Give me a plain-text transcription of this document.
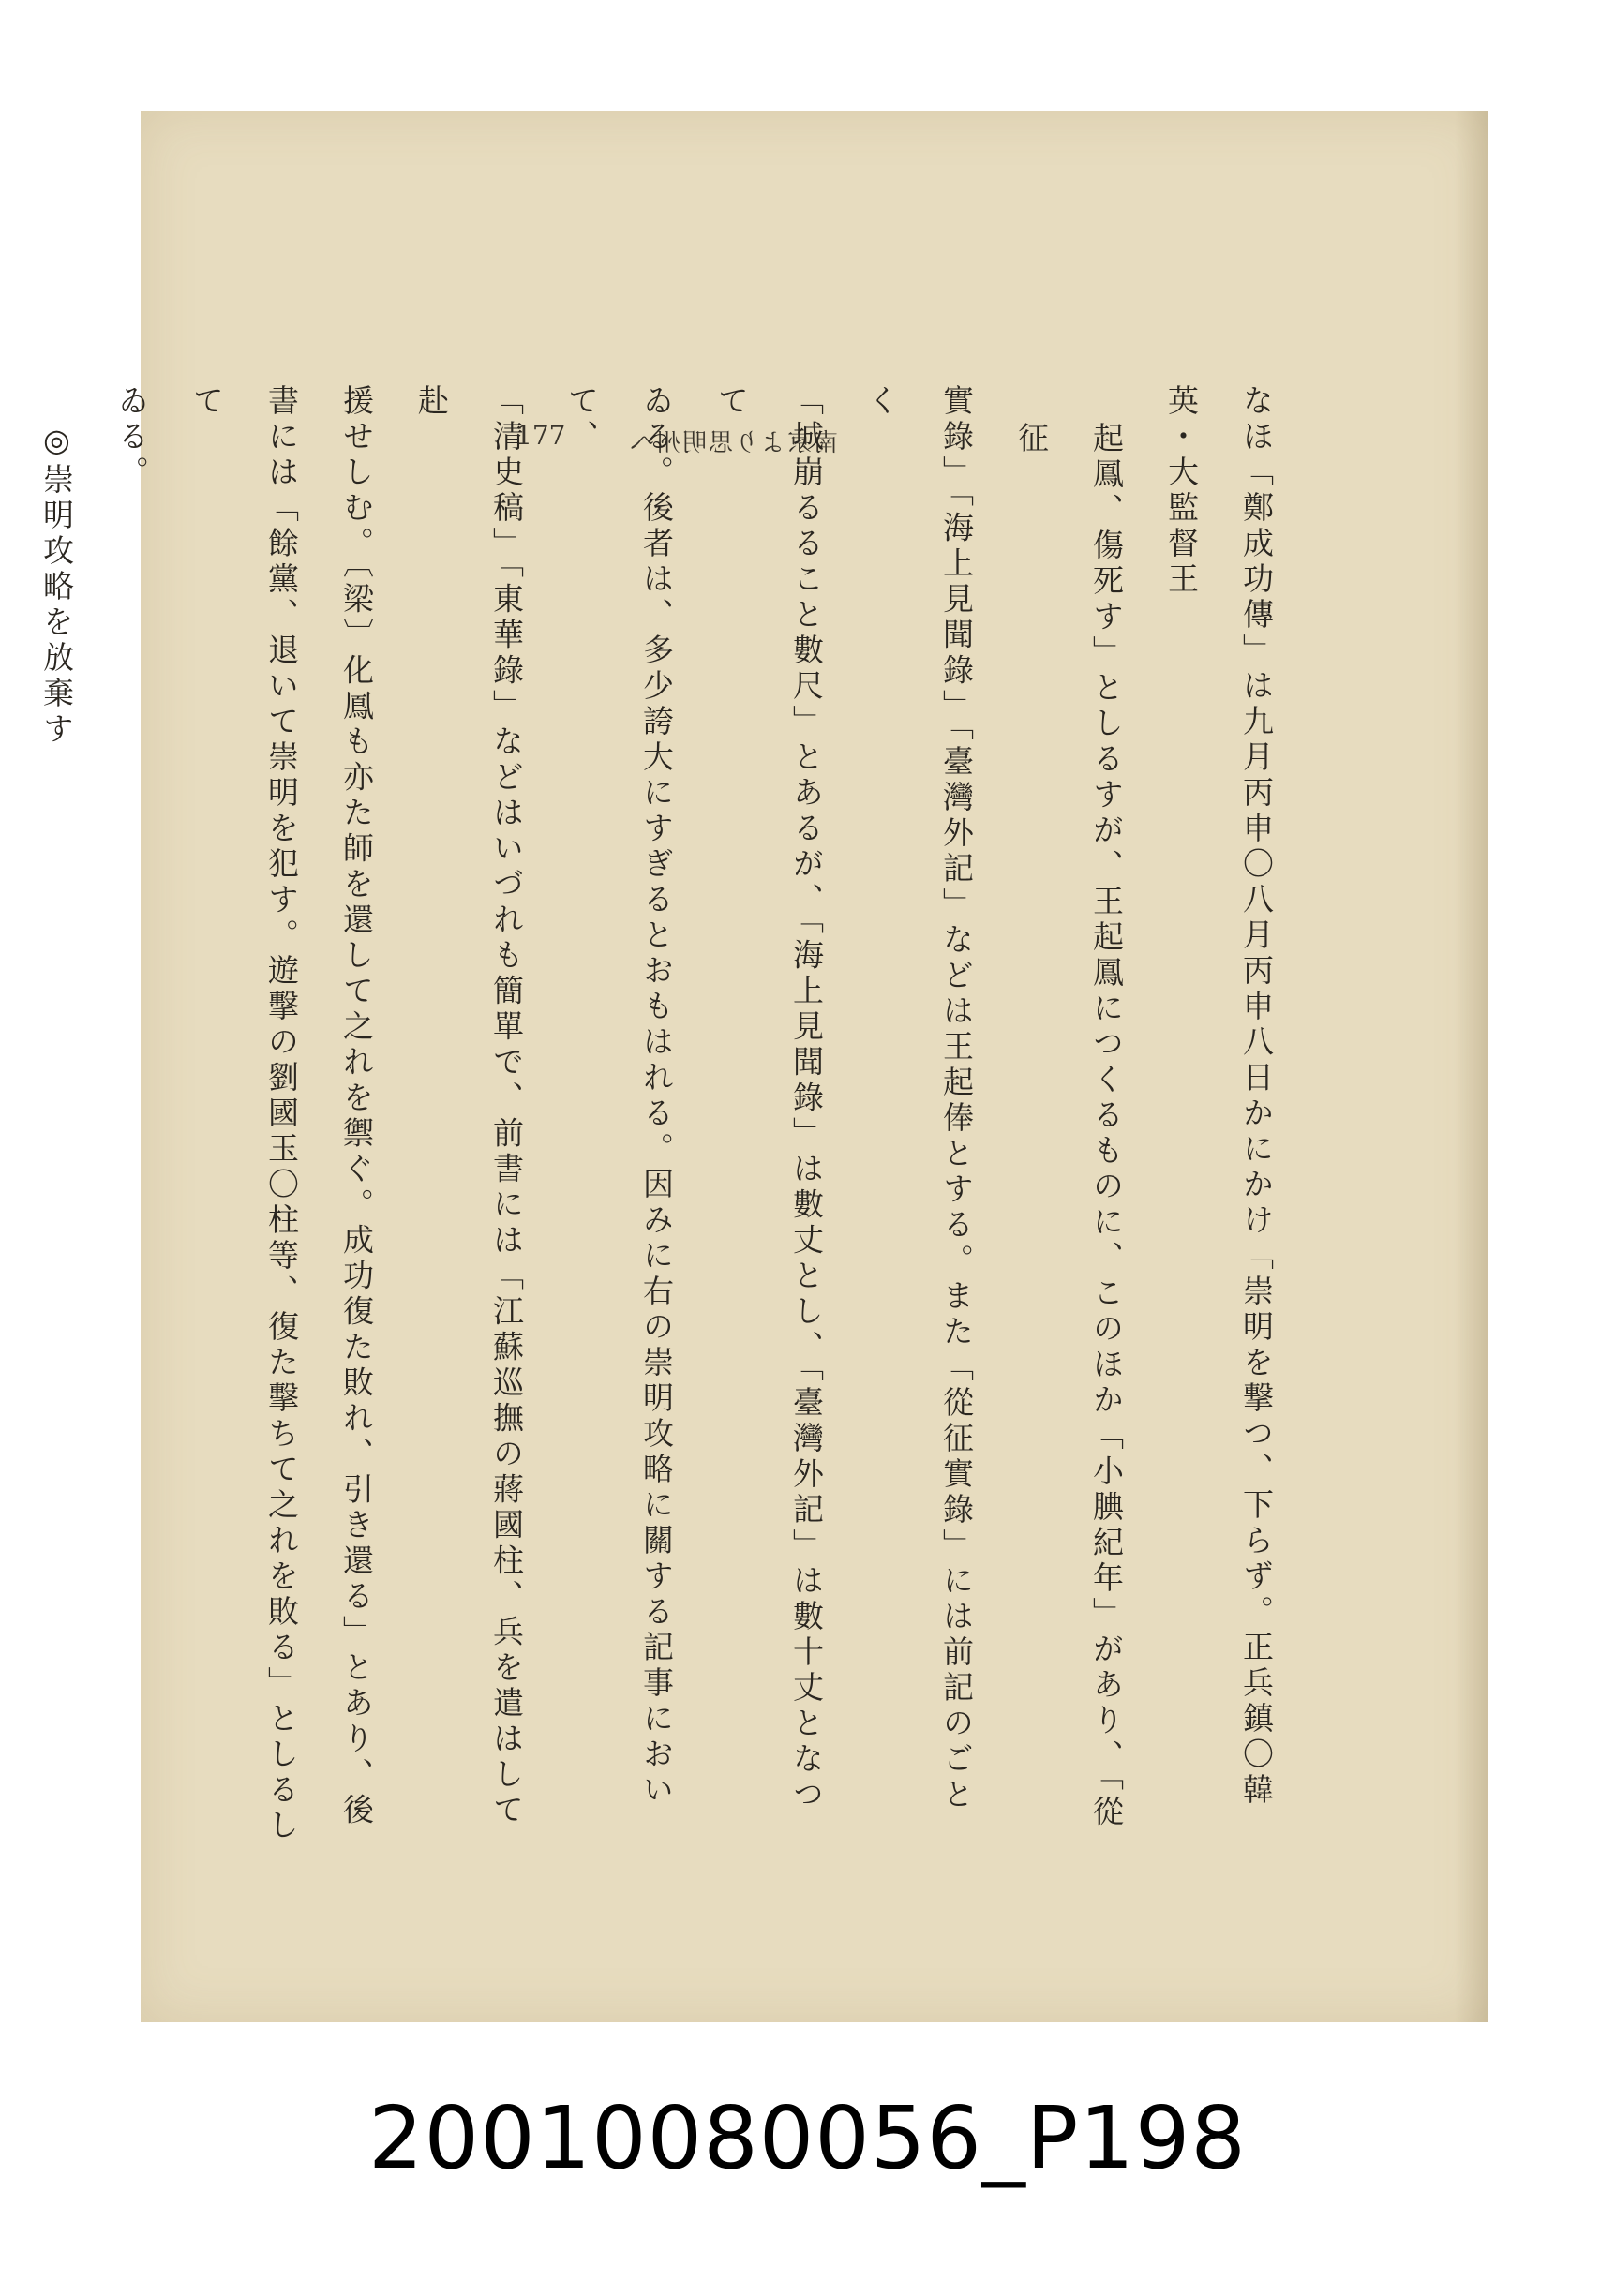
177	南京より思明州へ	なほ「鄭成功傳」は九月丙申〇八月丙申八日かにかけ「崇明を撃つ、下らず。正兵鎮〇韓英・大監督王
起鳳、傷死す」としるすが、王起鳳につくるものに、このほか「小腆紀年」があり、「從征
實錄」「海上見聞錄」「臺灣外記」などは王起俸とする。また「從征實錄」には前記のごとく
「城崩るること數尺」とあるが、「海上見聞錄」は數丈とし、「臺灣外記」は數十丈となつて
ゐる。後者は、多少誇大にすぎるとおもはれる。因みに右の崇明攻略に關する記事において、
「清史稿」「東華錄」などはいづれも簡單で、前書には「江蘇巡撫の蔣國柱、兵を遣はして赴
援せしむ。〔梁〕化鳳も亦た師を還して之れを禦ぐ。成功復た敗れ、引き還る」とあり、後
書には「餘黨、退いて崇明を犯す。遊擊の劉國玉〇柱等、復た擊ちて之れを敗る」としるして
ゐる。
◎崇明攻略を放棄す
20010080056_P198
